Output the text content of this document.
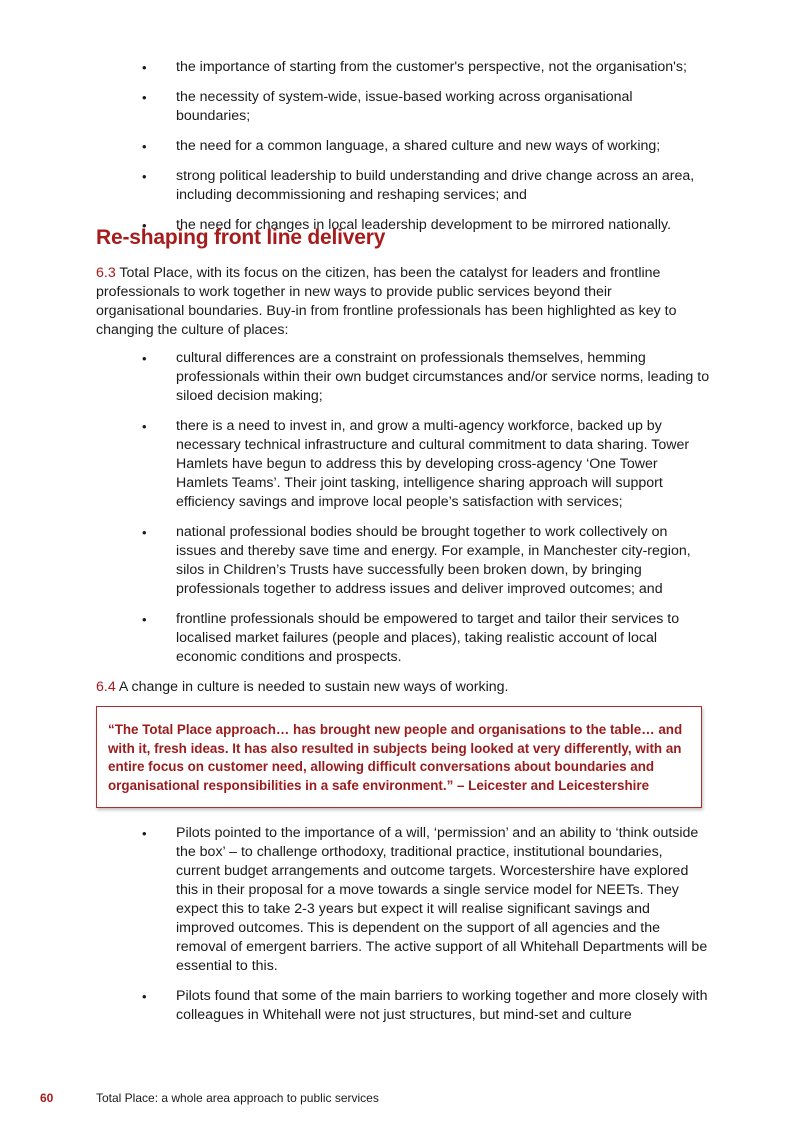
• the importance of starting from the customer's perspective, not the organisation's;
• the necessity of system-wide, issue-based working across organisational boundaries;
• the need for a common language, a shared culture and new ways of working;
• strong political leadership to build understanding and drive change across an area, including decommissioning and reshaping services; and
• the need for changes in local leadership development to be mirrored nationally.
Re-shaping front line delivery

6.3 Total Place, with its focus on the citizen, has been the catalyst for leaders and frontline professionals to work together in new ways to provide public services beyond their organisational boundaries. Buy-in from frontline professionals has been highlighted as key to changing the culture of places:

• cultural differences are a constraint on professionals themselves, hemming professionals within their own budget circumstances and/or service norms, leading to siloed decision making;
• there is a need to invest in, and grow a multi-agency workforce, backed up by necessary technical infrastructure and cultural commitment to data sharing. Tower Hamlets have begun to address this by developing cross-agency ‘One Tower Hamlets Teams’. Their joint tasking, intelligence sharing approach will support efficiency savings and improve local people’s satisfaction with services;
• national professional bodies should be brought together to work collectively on issues and thereby save time and energy. For example, in Manchester city-region, silos in Children’s Trusts have successfully been broken down, by bringing professionals together to address issues and deliver improved outcomes; and
• frontline professionals should be empowered to target and tailor their services to localised market failures (people and places), taking realistic account of local economic conditions and prospects.

6.4 A change in culture is needed to sustain new ways of working.

“The Total Place approach… has brought new people and organisations to the table… and with it, fresh ideas. It has also resulted in subjects being looked at very differently, with an entire focus on customer need, allowing difficult conversations about boundaries and organisational responsibilities in a safe environment.” – Leicester and Leicestershire

• Pilots pointed to the importance of a will, ‘permission’ and an ability to ‘think outside the box’ – to challenge orthodoxy, traditional practice, institutional boundaries, current budget arrangements and outcome targets. Worcestershire have explored this in their proposal for a move towards a single service model for NEETs. They expect this to take 2-3 years but expect it will realise significant savings and improved outcomes. This is dependent on the support of all agencies and the removal of emergent barriers. The active support of all Whitehall Departments will be essential to this.
• Pilots found that some of the main barriers to working together and more closely with colleagues in Whitehall were not just structures, but mind-set and culture
60	Total Place: a whole area approach to public services
